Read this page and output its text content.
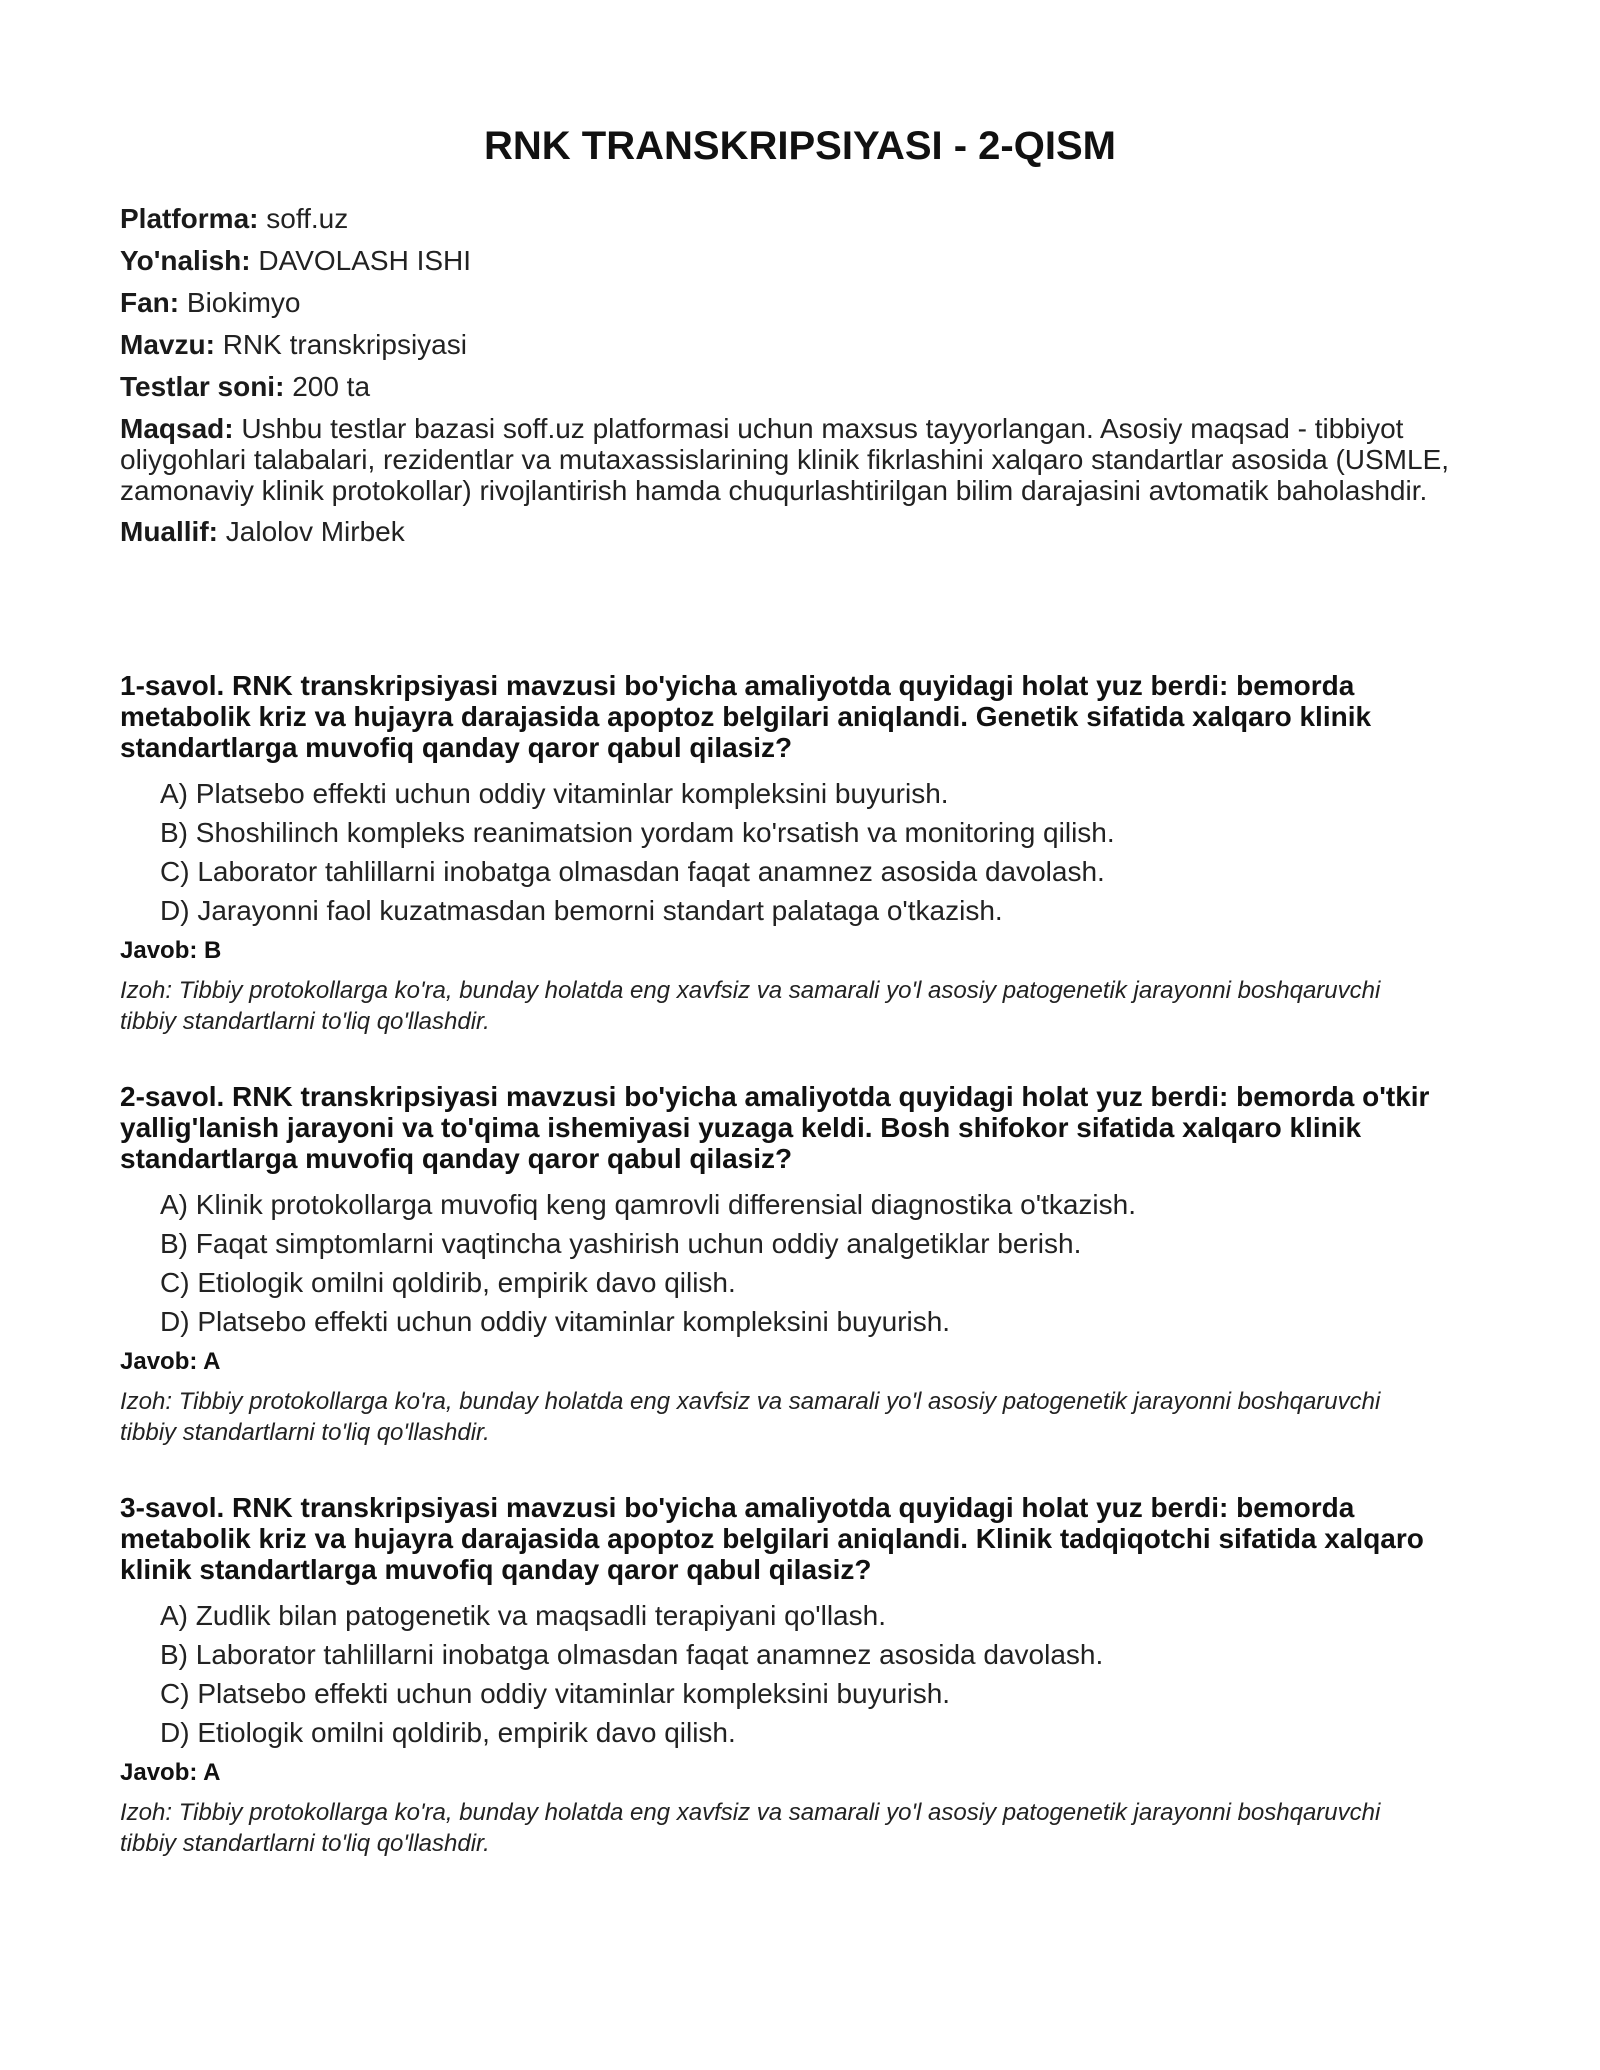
RNK TRANSKRIPSIYASI - 2-QISM
Platforma: soff.uz
Yo'nalish: DAVOLASH ISHI
Fan: Biokimyo
Mavzu: RNK transkripsiyasi
Testlar soni: 200 ta
Maqsad: Ushbu testlar bazasi soff.uz platformasi uchun maxsus tayyorlangan. Asosiy maqsad - tibbiyot oliygohlari talabalari, rezidentlar va mutaxassislarining klinik fikrlashini xalqaro standartlar asosida (USMLE, zamonaviy klinik protokollar) rivojlantirish hamda chuqurlashtirilgan bilim darajasini avtomatik baholashdir.
Muallif: Jalolov Mirbek

1-savol. RNK transkripsiyasi mavzusi bo'yicha amaliyotda quyidagi holat yuz berdi: bemorda metabolik kriz va hujayra darajasida apoptoz belgilari aniqlandi. Genetik sifatida xalqaro klinik standartlarga muvofiq qanday qaror qabul qilasiz?

A) Platsebo effekti uchun oddiy vitaminlar kompleksini buyurish.
B) Shoshilinch kompleks reanimatsion yordam ko'rsatish va monitoring qilish.
C) Laborator tahlillarni inobatga olmasdan faqat anamnez asosida davolash.
D) Jarayonni faol kuzatmasdan bemorni standart palataga o'tkazish.
Javob: B

Izoh: Tibbiy protokollarga ko'ra, bunday holatda eng xavfsiz va samarali yo'l asosiy patogenetik jarayonni boshqaruvchi tibbiy standartlarni to'liq qo'llashdir.

2-savol. RNK transkripsiyasi mavzusi bo'yicha amaliyotda quyidagi holat yuz berdi: bemorda o'tkir yallig'lanish jarayoni va to'qima ishemiyasi yuzaga keldi. Bosh shifokor sifatida xalqaro klinik standartlarga muvofiq qanday qaror qabul qilasiz?

A) Klinik protokollarga muvofiq keng qamrovli differensial diagnostika o'tkazish.
B) Faqat simptomlarni vaqtincha yashirish uchun oddiy analgetiklar berish.
C) Etiologik omilni qoldirib, empirik davo qilish.
D) Platsebo effekti uchun oddiy vitaminlar kompleksini buyurish.
Javob: A

Izoh: Tibbiy protokollarga ko'ra, bunday holatda eng xavfsiz va samarali yo'l asosiy patogenetik jarayonni boshqaruvchi tibbiy standartlarni to'liq qo'llashdir.

3-savol. RNK transkripsiyasi mavzusi bo'yicha amaliyotda quyidagi holat yuz berdi: bemorda metabolik kriz va hujayra darajasida apoptoz belgilari aniqlandi. Klinik tadqiqotchi sifatida xalqaro klinik standartlarga muvofiq qanday qaror qabul qilasiz?

A) Zudlik bilan patogenetik va maqsadli terapiyani qo'llash.
B) Laborator tahlillarni inobatga olmasdan faqat anamnez asosida davolash.
C) Platsebo effekti uchun oddiy vitaminlar kompleksini buyurish.
D) Etiologik omilni qoldirib, empirik davo qilish.
Javob: A

Izoh: Tibbiy protokollarga ko'ra, bunday holatda eng xavfsiz va samarali yo'l asosiy patogenetik jarayonni boshqaruvchi tibbiy standartlarni to'liq qo'llashdir.
